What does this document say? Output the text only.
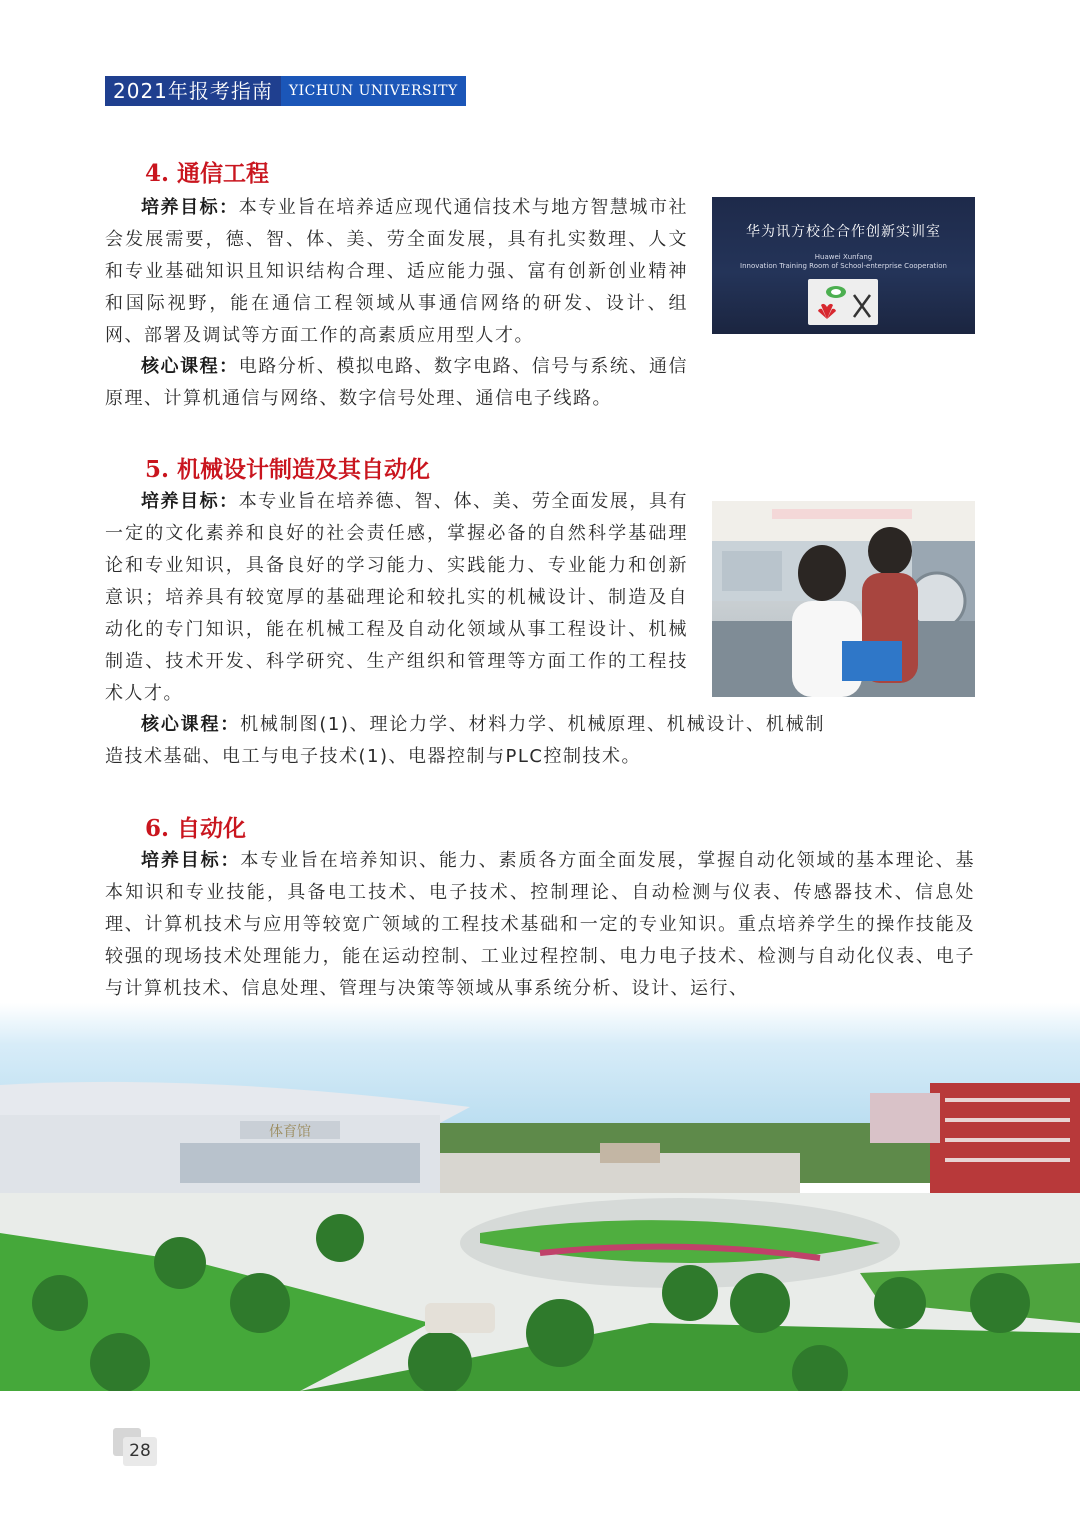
2021年报考指南	YICHUN UNIVERSITY
4. 通信工程

培养目标：本专业旨在培养适应现代通信技术与地方智慧城市社会发展需要，德、智、体、美、劳全面发展，具有扎实数理、人文和专业基础知识且知识结构合理、适应能力强、富有创新创业精神和国际视野，能在通信工程领域从事通信网络的研发、设计、组网、部署及调试等方面工作的高素质应用型人才。

核心课程：电路分析、模拟电路、数字电路、信号与系统、通信原理、计算机通信与网络、数字信号处理、通信电子线路。

华为讯方校企合作创新实训室
Huawei Xunfang
Innovation Training Room of School-enterprise Cooperation
5. 机械设计制造及其自动化

培养目标：本专业旨在培养德、智、体、美、劳全面发展，具有一定的文化素养和良好的社会责任感，掌握必备的自然科学基础理论和专业知识，具备良好的学习能力、实践能力、专业能力和创新意识；培养具有较宽厚的基础理论和较扎实的机械设计、制造及自动化的专门知识，能在机械工程及自动化领域从事工程设计、机械制造、技术开发、科学研究、生产组织和管理等方面工作的工程技术人才。

核心课程：机械制图(1)、理论力学、材料力学、机械原理、机械设计、机械制造技术基础、电工与电子技术(1)、电器控制与PLC控制技术。

6. 自动化

培养目标：本专业旨在培养知识、能力、素质各方面全面发展，掌握自动化领域的基本理论、基本知识和专业技能，具备电工技术、电子技术、控制理论、自动检测与仪表、传感器技术、信息处理、计算机技术与应用等较宽广领域的工程技术基础和一定的专业知识。重点培养学生的操作技能及较强的现场技术处理能力，能在运动控制、工业过程控制、电力电子技术、检测与自动化仪表、电子与计算机技术、信息处理、管理与决策等领域从事系统分析、设计、运行、

体育馆
28
